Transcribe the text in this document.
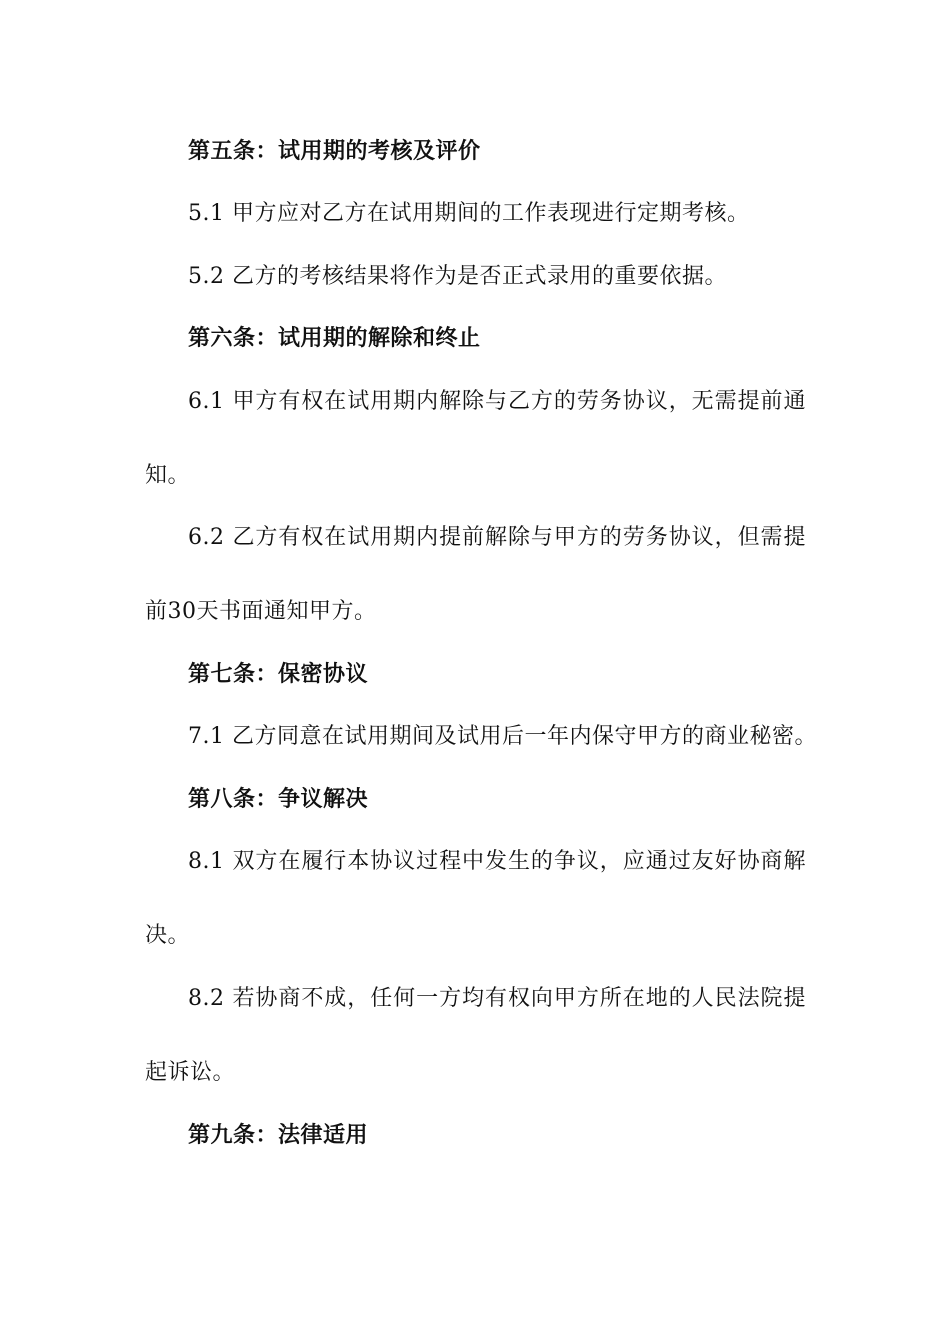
第五条：试用期的考核及评价
5.1 甲方应对乙方在试用期间的工作表现进行定期考核。
5.2 乙方的考核结果将作为是否正式录用的重要依据。
第六条：试用期的解除和终止
6.1 甲方有权在试用期内解除与乙方的劳务协议，无需提前通
知。
6.2 乙方有权在试用期内提前解除与甲方的劳务协议，但需提
前30天书面通知甲方。
第七条：保密协议
7.1 乙方同意在试用期间及试用后一年内保守甲方的商业秘密。
第八条：争议解决
8.1 双方在履行本协议过程中发生的争议，应通过友好协商解
决。
8.2 若协商不成，任何一方均有权向甲方所在地的人民法院提
起诉讼。
第九条：法律适用
